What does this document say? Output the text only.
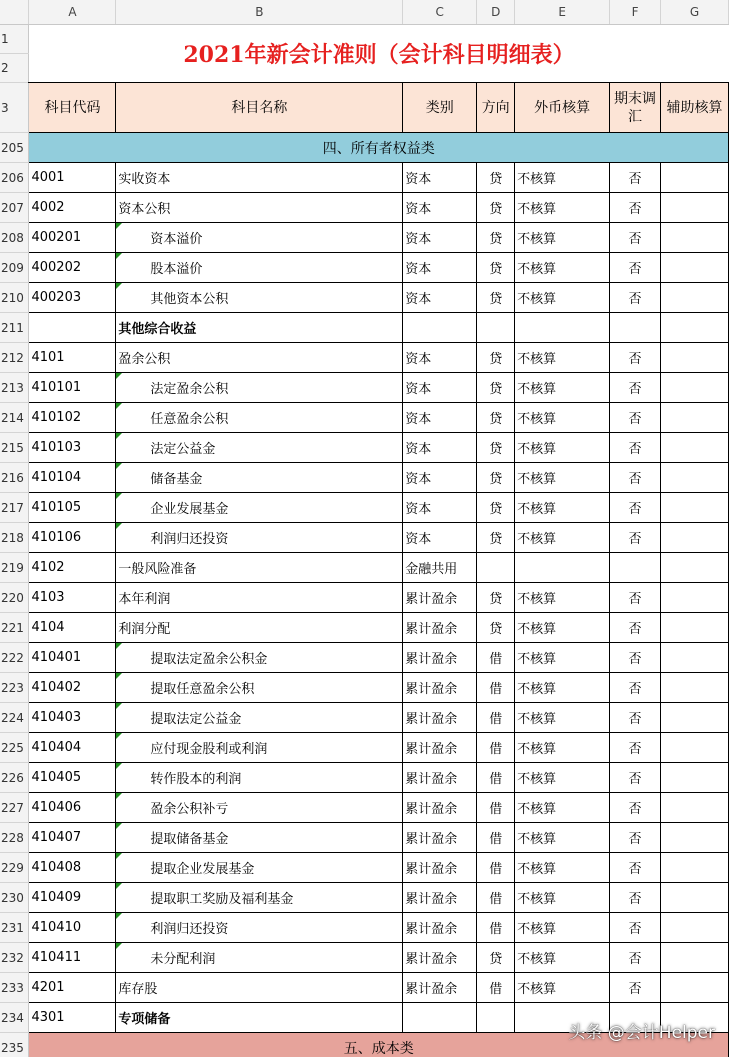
	A	B	C	D	E	F	G
1	2021年新会计准则（会计科目明细表）						
2							
3	科目代码	科目名称	类别	方向	外币核算	期末调汇	辅助核算
205	四、所有者权益类						
206	4001	实收资本	资本	贷	不核算	否	
207	4002	资本公积	资本	贷	不核算	否	
208	400201	资本溢价	资本	贷	不核算	否	
209	400202	股本溢价	资本	贷	不核算	否	
210	400203	其他资本公积	资本	贷	不核算	否	
211		其他综合收益					
212	4101	盈余公积	资本	贷	不核算	否	
213	410101	法定盈余公积	资本	贷	不核算	否	
214	410102	任意盈余公积	资本	贷	不核算	否	
215	410103	法定公益金	资本	贷	不核算	否	
216	410104	储备基金	资本	贷	不核算	否	
217	410105	企业发展基金	资本	贷	不核算	否	
218	410106	利润归还投资	资本	贷	不核算	否	
219	4102	一般风险准备	金融共用				
220	4103	本年利润	累计盈余	贷	不核算	否	
221	4104	利润分配	累计盈余	贷	不核算	否	
222	410401	提取法定盈余公积金	累计盈余	借	不核算	否	
223	410402	提取任意盈余公积	累计盈余	借	不核算	否	
224	410403	提取法定公益金	累计盈余	借	不核算	否	
225	410404	应付现金股利或利润	累计盈余	借	不核算	否	
226	410405	转作股本的利润	累计盈余	借	不核算	否	
227	410406	盈余公积补亏	累计盈余	借	不核算	否	
228	410407	提取储备基金	累计盈余	借	不核算	否	
229	410408	提取企业发展基金	累计盈余	借	不核算	否	
230	410409	提取职工奖励及福利基金	累计盈余	借	不核算	否	
231	410410	利润归还投资	累计盈余	借	不核算	否	
232	410411	未分配利润	累计盈余	贷	不核算	否	
233	4201	库存股	累计盈余	借	不核算	否	
234	4301	专项储备					
235	五、成本类						
头条 @会计Helper
